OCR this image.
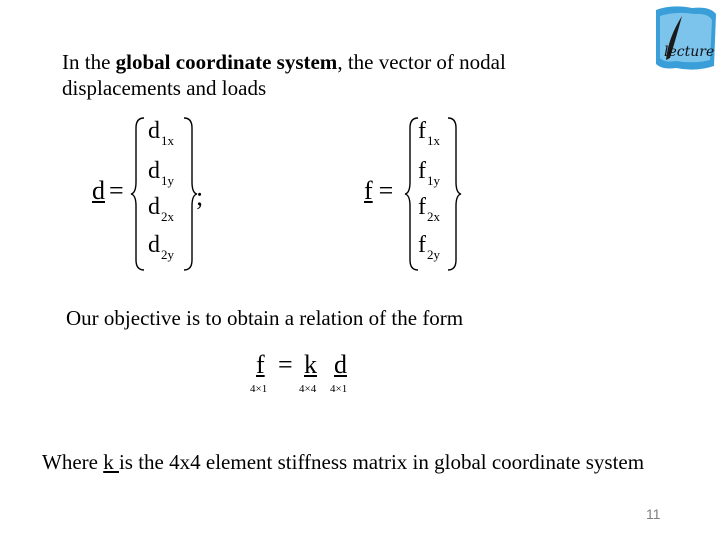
In the global coordinate system, the vector of nodal displacements and loads
lecture
d =
$d_{1x}$
$d_{1y}$
$d_{2x}$
$d_{2y}$
;	f =
$f_{1x}$
$f_{1y}$
$f_{2x}$
$f_{2y}$
Our objective is to obtain a relation of the form
f
4×1
= k
4×4
d
4×1
Where k is the 4x4 element stiffness matrix in global coordinate system
11
